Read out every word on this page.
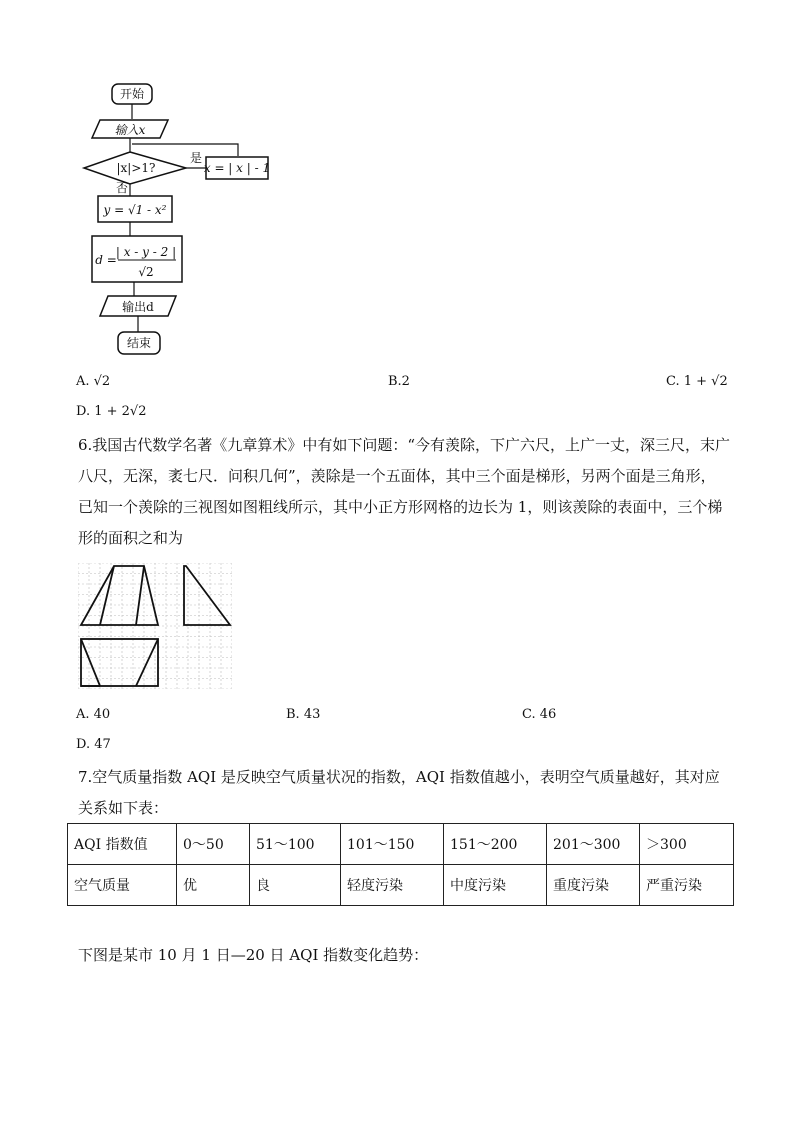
开始
输入x
|x|>1?
是
x = | x | - 1
否
y = √1 - x²
d =
| x - y - 2 |
√2
输出d
结束
A. √2	B.2	C. 1 + √2
D. 1 + 2√2
6.我国古代数学名著《九章算术》中有如下问题：“今有羡除，下广六尺，上广一丈，深三尺，末广八尺，无深，袤七尺．问积几何”，羡除是一个五面体，其中三个面是梯形，另两个面是三角形，已知一个羡除的三视图如图粗线所示，其中小正方形网格的边长为 1，则该羡除的表面中，三个梯形的面积之和为
A. 40	B. 43	C. 46
D. 47
7.空气质量指数 AQI 是反映空气质量状况的指数，AQI 指数值越小，表明空气质量越好，其对应关系如下表：
AQI 指数值	0～50	51～100	101～150	151～200	201～300	＞300
空气质量	优	良	轻度污染	中度污染	重度污染	严重污染
下图是某市 10 月 1 日—20 日 AQI 指数变化趋势：
